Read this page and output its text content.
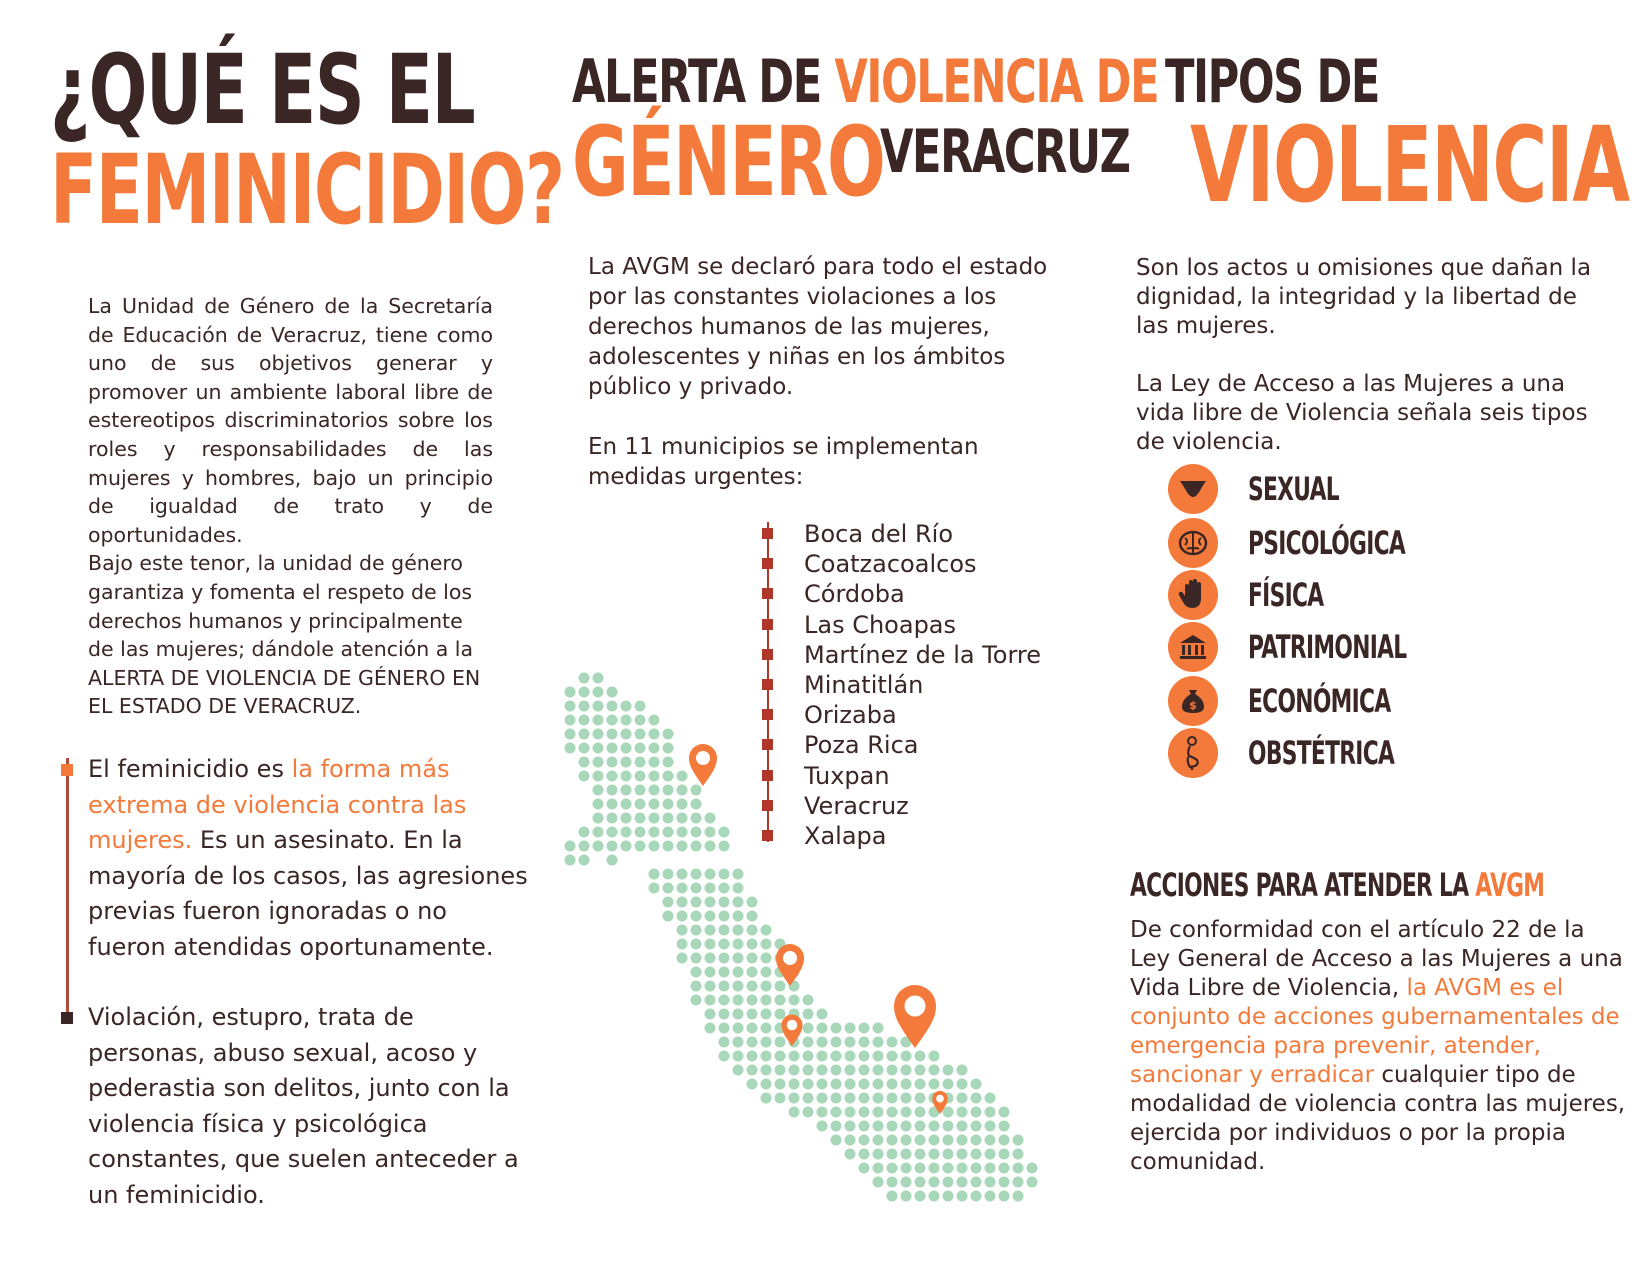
¿QUÉ ES EL
FEMINICIDIO?

La Unidad de Género de la Secretaría de Educación de Veracruz, tiene como uno de sus objetivos generar y promover un ambiente laboral libre de estereotipos discriminatorios sobre los roles y responsabilidades de las mujeres y hombres, bajo un principio de igualdad de trato y de oportunidades.

Bajo este tenor, la unidad de género garantiza y fomenta el respeto de los derechos humanos y principalmente de las mujeres; dándole atención a la ALERTA DE VIOLENCIA DE GÉNERO EN EL ESTADO DE VERACRUZ.

El feminicidio es la forma más extrema de violencia contra las mujeres. Es un asesinato. En la mayoría de los casos, las agresiones previas fueron ignoradas o no fueron atendidas oportunamente.
Violación, estupro, trata de personas, abuso sexual, acoso y pederastia son delitos, junto con la violencia física y psicológica constantes, que suelen anteceder a un feminicidio.
ALERTA DE VIOLENCIA DE
GÉNERO
VERACRUZ
La AVGM se declaró para todo el estado por las constantes violaciones a los derechos humanos de las mujeres, adolescentes y niñas en los ámbitos público y privado.
En 11 municipios se implementan medidas urgentes:
Boca del Río
Coatzacoalcos
Córdoba
Las Choapas
Martínez de la Torre
Minatitlán
Orizaba
Poza Rica
Tuxpan
Veracruz
Xalapa
TIPOS DE
VIOLENCIA
Son los actos u omisiones que dañan la dignidad, la integridad y la libertad de las mujeres.
La Ley de Acceso a las Mujeres a una vida libre de Violencia señala seis tipos de violencia.
SEXUAL
PSICOLÓGICA
FÍSICA
PATRIMONIAL
$ ECONÓMICA
OBSTÉTRICA
ACCIONES PARA ATENDER LA AVGM
De conformidad con el artículo 22 de la Ley General de Acceso a las Mujeres a una Vida Libre de Violencia, la AVGM es el conjunto de acciones gubernamentales de emergencia para prevenir, atender, sancionar y erradicar cualquier tipo de modalidad de violencia contra las mujeres, ejercida por individuos o por la propia comunidad.
